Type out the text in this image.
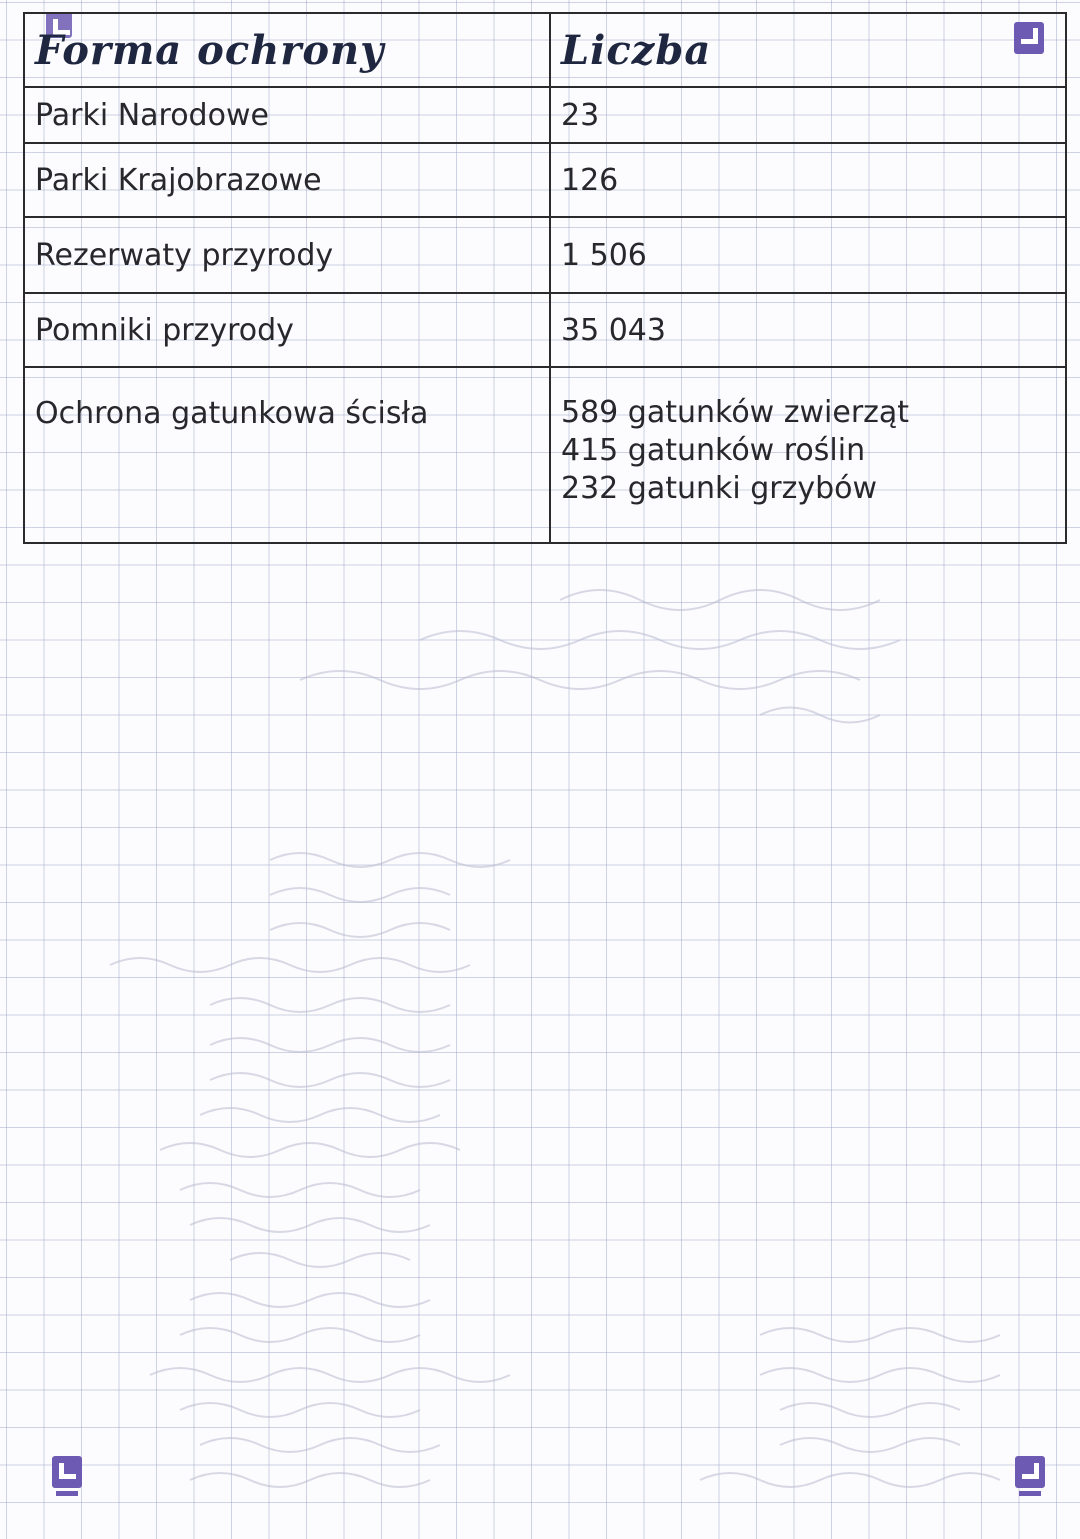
Forma ochrony	Liczba
Parki Narodowe	23
Parki Krajobrazowe	126
Rezerwaty przyrody	1 506
Pomniki przyrody	35 043
Ochrona gatunkowa ścisła	589 gatunków zwierząt
415 gatunków roślin
232 gatunki grzybów
